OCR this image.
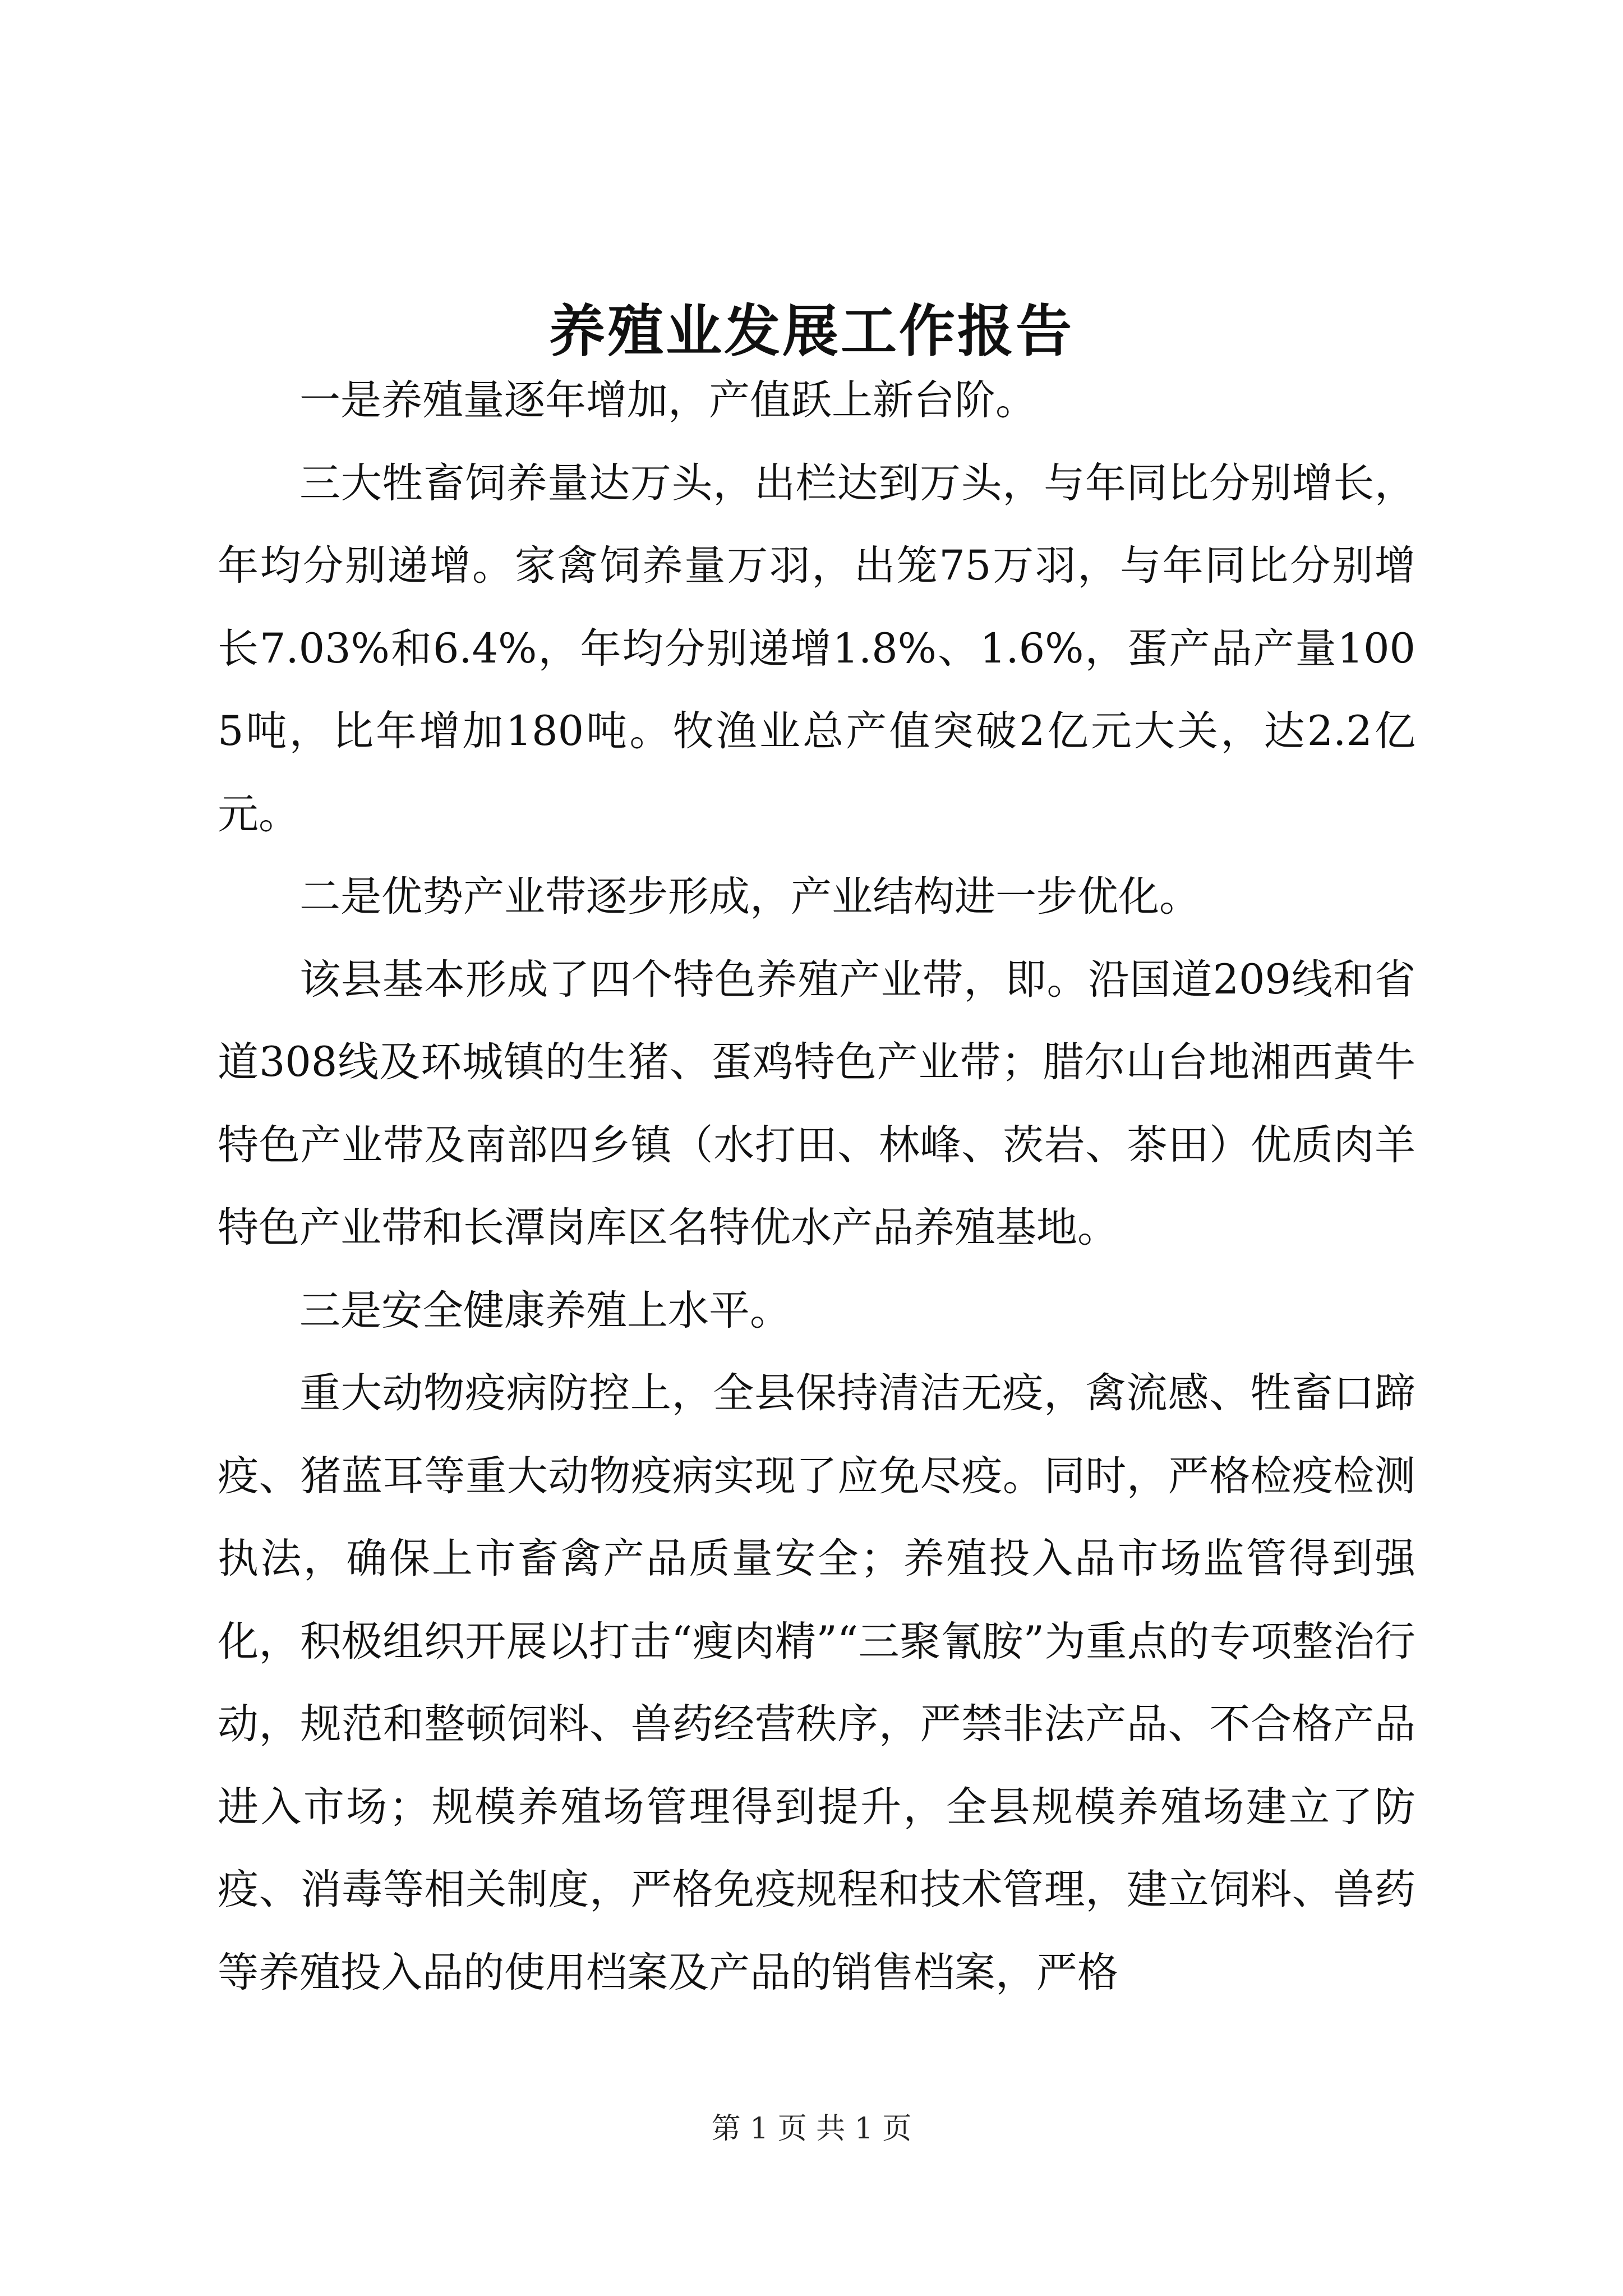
养殖业发展工作报告

一是养殖量逐年增加，产值跃上新台阶。

三大牲畜饲养量达万头，出栏达到万头，与年同比分别增长，年均分别递增。家禽饲养量万羽，出笼75万羽，与年同比分别增长7.03%和6.4%，年均分别递增1.8%、1.6%，蛋产品产量1005吨，比年增加180吨。牧渔业总产值突破2亿元大关，达2.2亿元。

二是优势产业带逐步形成，产业结构进一步优化。

该县基本形成了四个特色养殖产业带，即。沿国道209线和省道308线及环城镇的生猪、蛋鸡特色产业带；腊尔山台地湘西黄牛特色产业带及南部四乡镇（水打田、林峰、茨岩、茶田）优质肉羊特色产业带和长潭岗库区名特优水产品养殖基地。

三是安全健康养殖上水平。

重大动物疫病防控上，全县保持清洁无疫，禽流感、牲畜口蹄疫、猪蓝耳等重大动物疫病实现了应免尽疫。同时，严格检疫检测执法，确保上市畜禽产品质量安全；养殖投入品市场监管得到强化，积极组织开展以打击“瘦肉精”“三聚氰胺”为重点的专项整治行动，规范和整顿饲料、兽药经营秩序，严禁非法产品、不合格产品进入市场；规模养殖场管理得到提升，全县规模养殖场建立了防疫、消毒等相关制度，严格免疫规程和技术管理，建立饲料、兽药等养殖投入品的使用档案及产品的销售档案，严格

第 1 页 共 1 页
